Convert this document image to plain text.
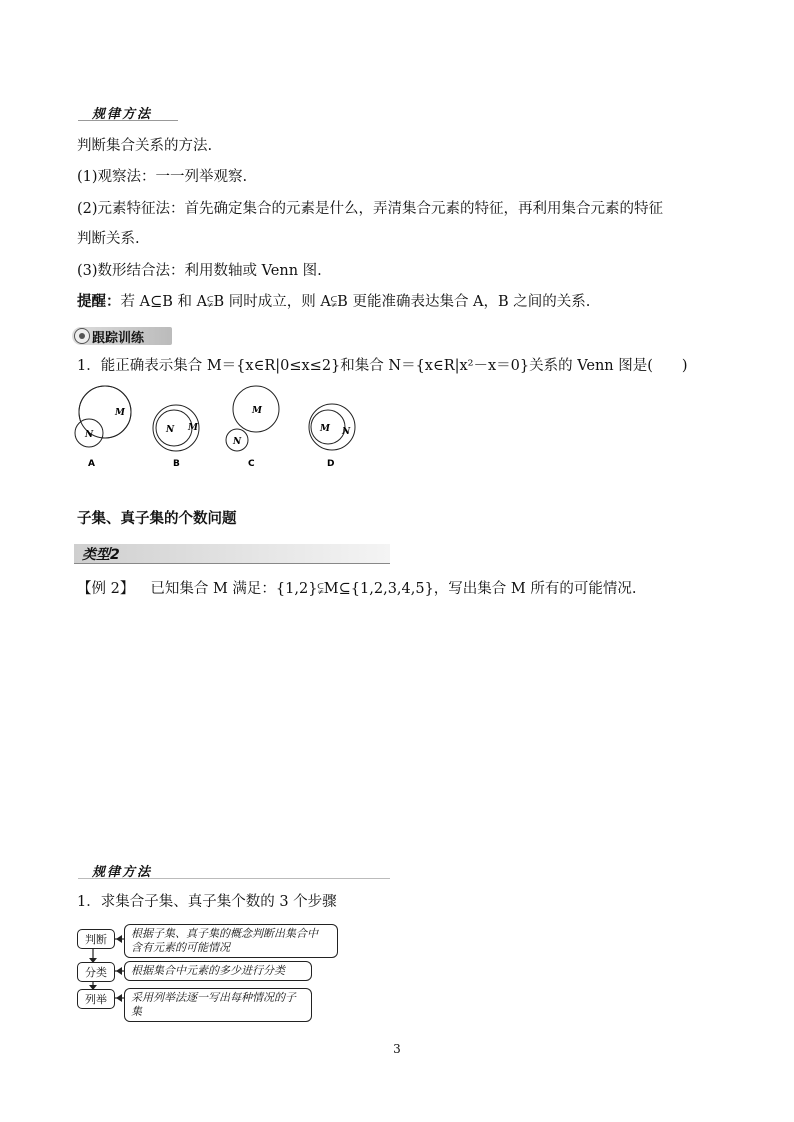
规律方法
判断集合关系的方法.
(1)观察法：一一列举观察.
(2)元素特征法：首先确定集合的元素是什么，弄清集合元素的特征，再利用集合元素的特征
判断关系.
(3)数形结合法：利用数轴或 Venn 图.
提醒：若 A⊆B 和 A⫋B 同时成立，则 A⫋B 更能准确表达集合 A，B 之间的关系.
跟踪训练
1．能正确表示集合 M＝{x∈R|0≤x≤2}和集合 N＝{x∈R|x²－x＝0}关系的 Venn 图是(　　)
M
N
A
N M
B
M
N
C
M N
D
子集、真子集的个数问题
类型2
【例 2】 已知集合 M 满足：{1,2}⫋M⊆{1,2,3,4,5}，写出集合 M 所有的可能情况.
规律方法
1．求集合子集、真子集个数的 3 个步骤
判断	根据子集、真子集的概念判断出集合中
含有元素的可能情况
分类	根据集合中元素的多少进行分类
列举	采用列举法逐一写出每种情况的子集
3
